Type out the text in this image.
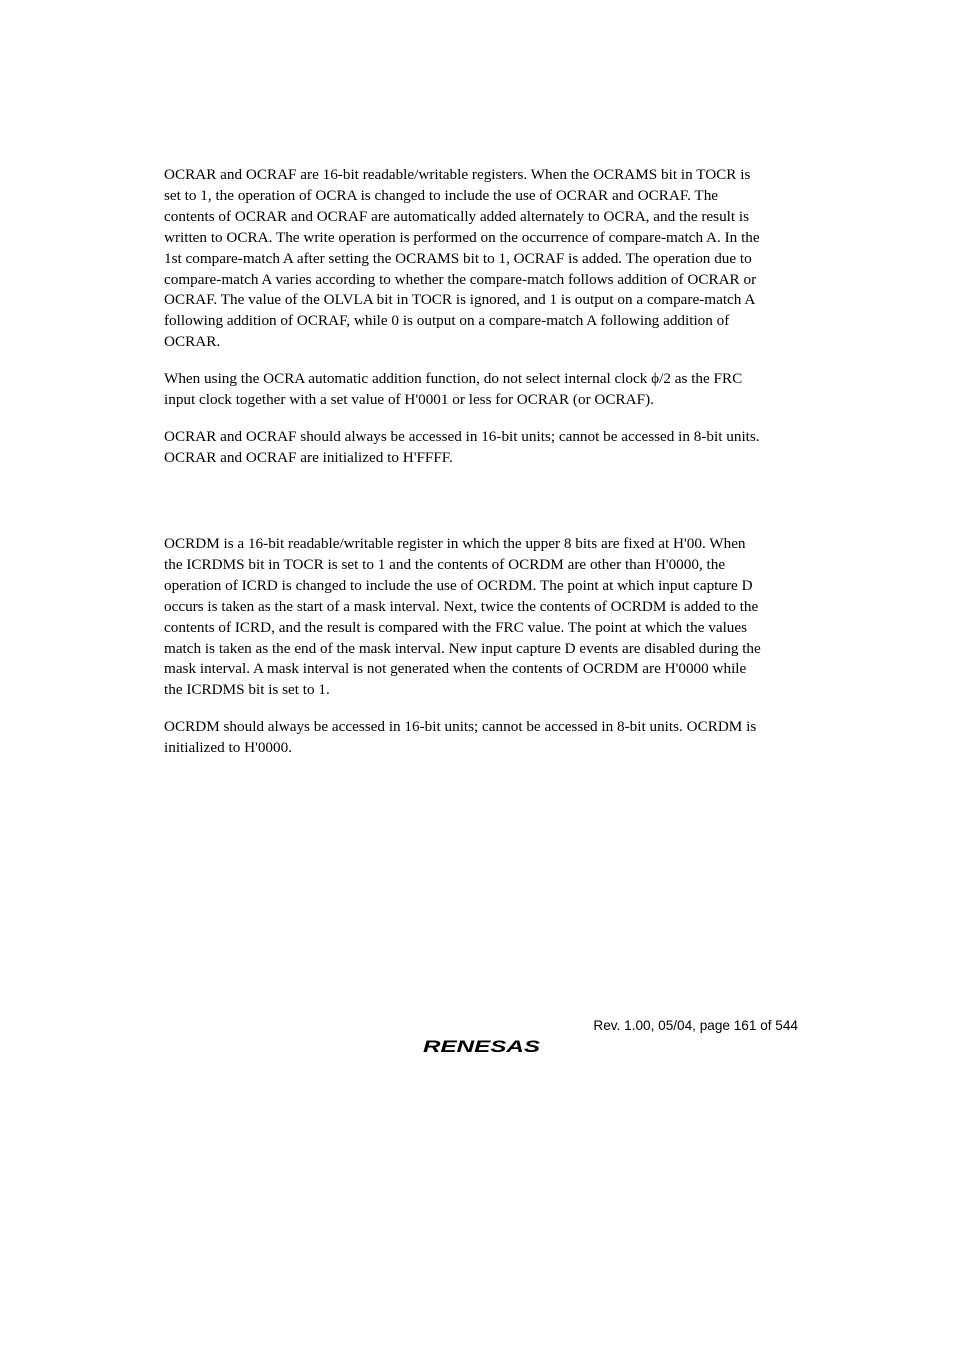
OCRAR and OCRAF are 16-bit readable/writable registers. When the OCRAMS bit in TOCR is
set to 1, the operation of OCRA is changed to include the use of OCRAR and OCRAF. The
contents of OCRAR and OCRAF are automatically added alternately to OCRA, and the result is
written to OCRA. The write operation is performed on the occurrence of compare-match A. In the
1st compare-match A after setting the OCRAMS bit to 1, OCRAF is added. The operation due to
compare-match A varies according to whether the compare-match follows addition of OCRAR or
OCRAF. The value of the OLVLA bit in TOCR is ignored, and 1 is output on a compare-match A
following addition of OCRAF, while 0 is output on a compare-match A following addition of
OCRAR.

When using the OCRA automatic addition function, do not select internal clock ϕ/2 as the FRC
input clock together with a set value of H'0001 or less for OCRAR (or OCRAF).

OCRAR and OCRAF should always be accessed in 16-bit units; cannot be accessed in 8-bit units.
OCRAR and OCRAF are initialized to H'FFFF.

OCRDM is a 16-bit readable/writable register in which the upper 8 bits are fixed at H'00. When
the ICRDMS bit in TOCR is set to 1 and the contents of OCRDM are other than H'0000, the
operation of ICRD is changed to include the use of OCRDM. The point at which input capture D
occurs is taken as the start of a mask interval. Next, twice the contents of OCRDM is added to the
contents of ICRD, and the result is compared with the FRC value. The point at which the values
match is taken as the end of the mask interval. New input capture D events are disabled during the
mask interval. A mask interval is not generated when the contents of OCRDM are H'0000 while
the ICRDMS bit is set to 1.

OCRDM should always be accessed in 16-bit units; cannot be accessed in 8-bit units. OCRDM is
initialized to H'0000.

Rev. 1.00, 05/04, page 161 of 544
RENESAS
